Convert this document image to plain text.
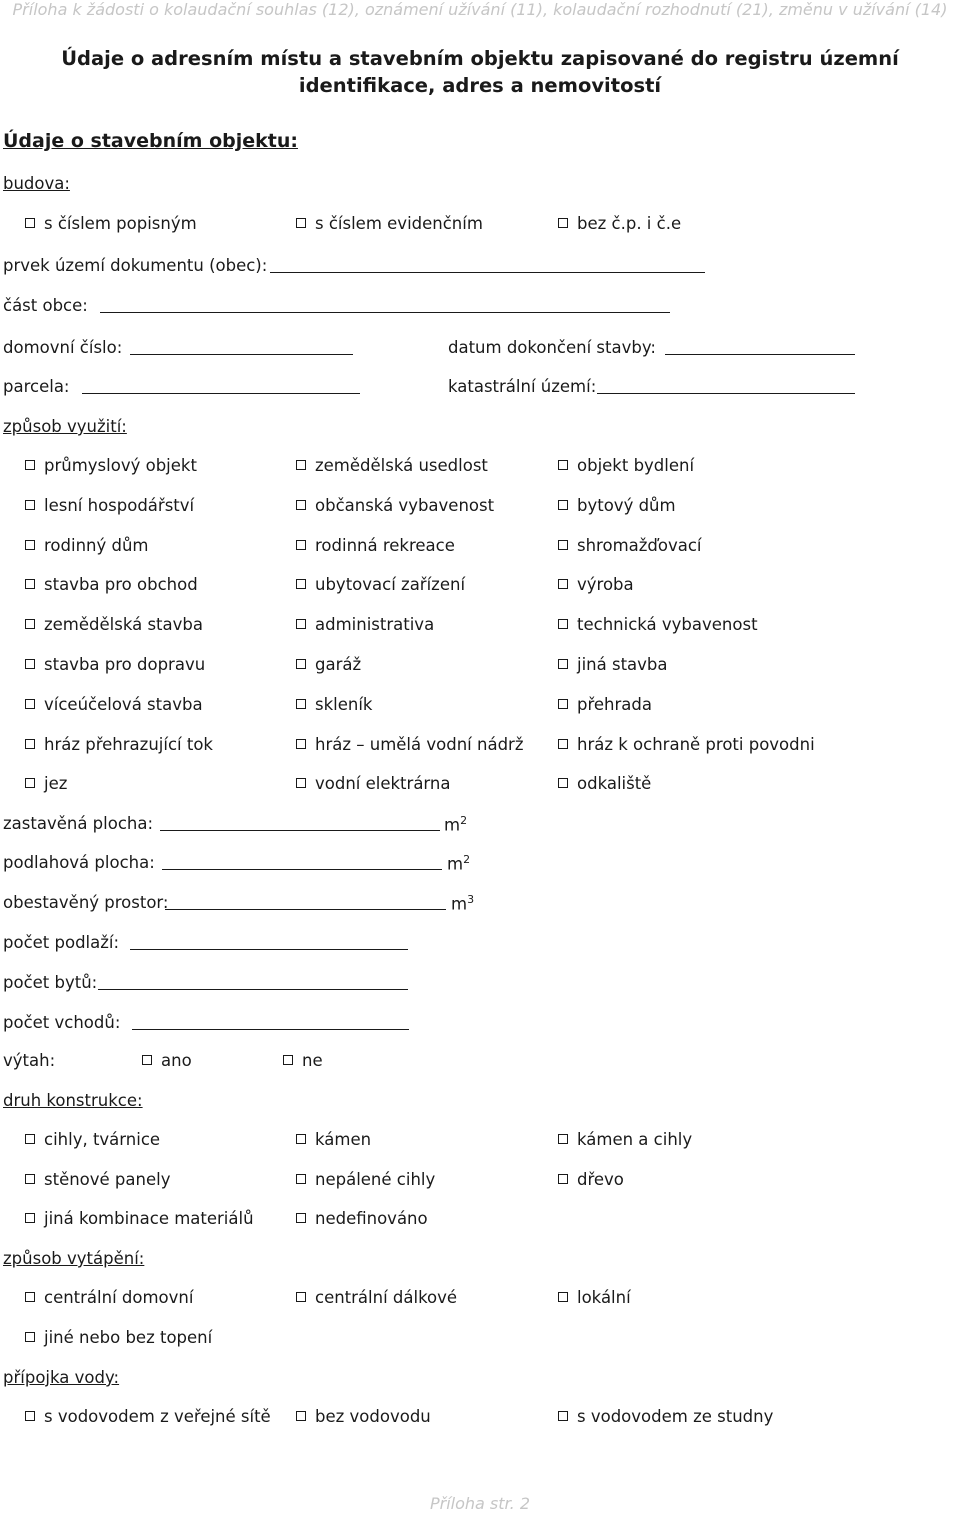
Příloha k žádosti o kolaudační souhlas (12), oznámení užívání (11), kolaudační rozhodnutí (21), změnu v užívání (14)
Údaje o adresním místu a stavebním objektu zapisované do registru územní identifikace, adres a nemovitostí
Údaje o stavebním objektu:
budova:
s číslem popisným	s číslem evidenčním	bez č.p. i č.e
prvek území dokumentu (obec):
část obce:
domovní číslo:	datum dokončení stavby:
parcela:	katastrální území:
způsob využití:
průmyslový objekt	zemědělská usedlost	objekt bydlení
lesní hospodářství	občanská vybavenost	bytový dům
rodinný dům	rodinná rekreace	shromažďovací
stavba pro obchod	ubytovací zařízení	výroba
zemědělská stavba	administrativa	technická vybavenost
stavba pro dopravu	garáž	jiná stavba
víceúčelová stavba	skleník	přehrada
hráz přehrazující tok	hráz – umělá vodní nádrž	hráz k ochraně proti povodni
jez	vodní elektrárna	odkaliště
zastavěná plocha:	$m^2$
podlahová plocha:	$m^2$
obestavěný prostor:	$m^3$
počet podlaží:
počet bytů:
počet vchodů:
výtah:	ano	ne
druh konstrukce:
cihly, tvárnice	kámen	kámen a cihly
stěnové panely	nepálené cihly	dřevo
jiná kombinace materiálů	nedefinováno
způsob vytápění:
centrální domovní	centrální dálkové	lokální
jiné nebo bez topení
přípojka vody:
s vodovodem z veřejné sítě	bez vodovodu	s vodovodem ze studny
Příloha str. 2
